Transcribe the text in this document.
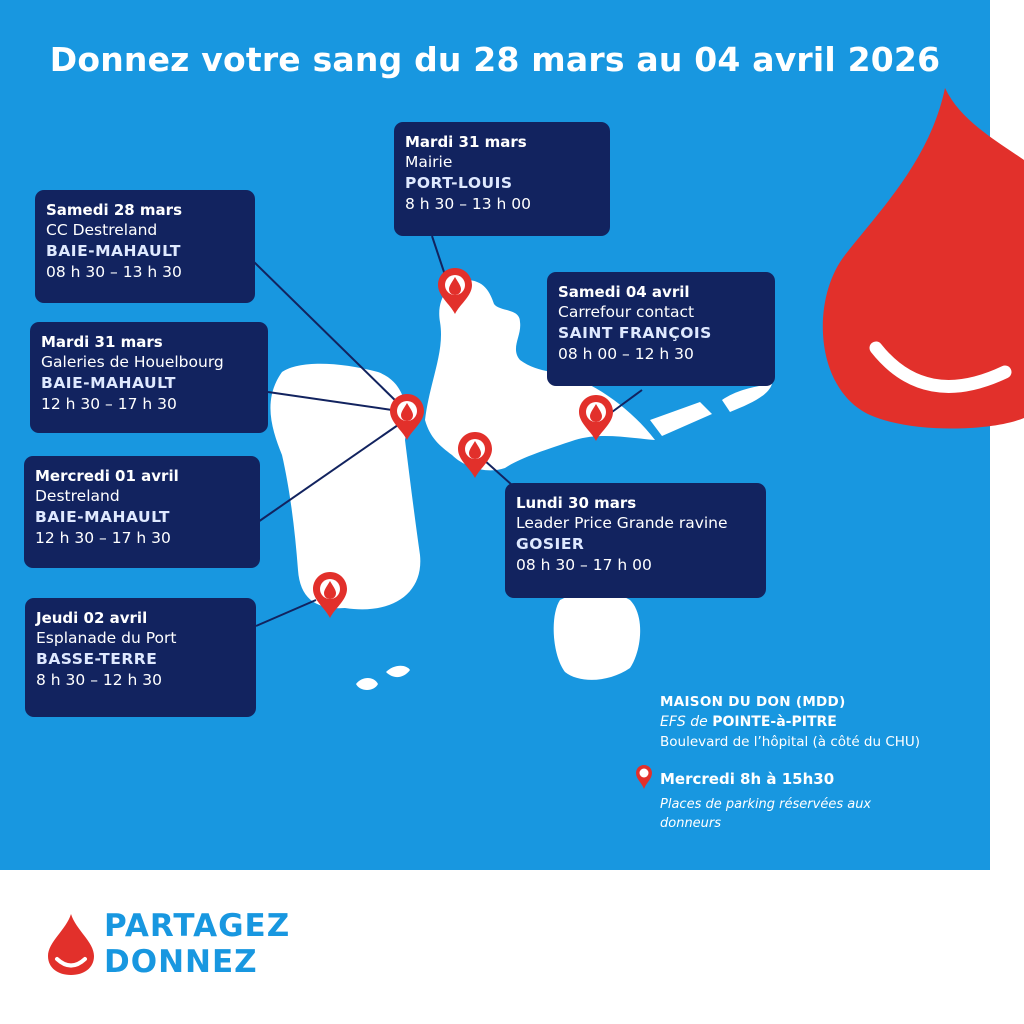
Donnez votre sang du 28 mars au 04 avril 2026
Samedi 28 mars
CC Destreland
BAIE-MAHAULT
08 h 30 – 13 h 30
Mardi 31 mars
Galeries de Houelbourg
BAIE-MAHAULT
12 h 30 – 17 h 30
Mercredi 01 avril
Destreland
BAIE-MAHAULT
12 h 30 – 17 h 30
Jeudi 02 avril
Esplanade du Port
BASSE-TERRE
8 h 30 – 12 h 30
Mardi 31 mars
Mairie
PORT-LOUIS
8 h 30 – 13 h 00
Samedi 04 avril
Carrefour contact
SAINT FRANÇOIS
08 h 00 – 12 h 30
Lundi 30 mars
Leader Price Grande ravine
GOSIER
08 h 30 – 17 h 00
MAISON DU DON (MDD)
EFS de POINTE-à-PITRE
Boulevard de l’hôpital (à côté du CHU)
Mercredi 8h à 15h30
Places de parking réservées aux donneurs
PARTAGEZ
DONNEZ
